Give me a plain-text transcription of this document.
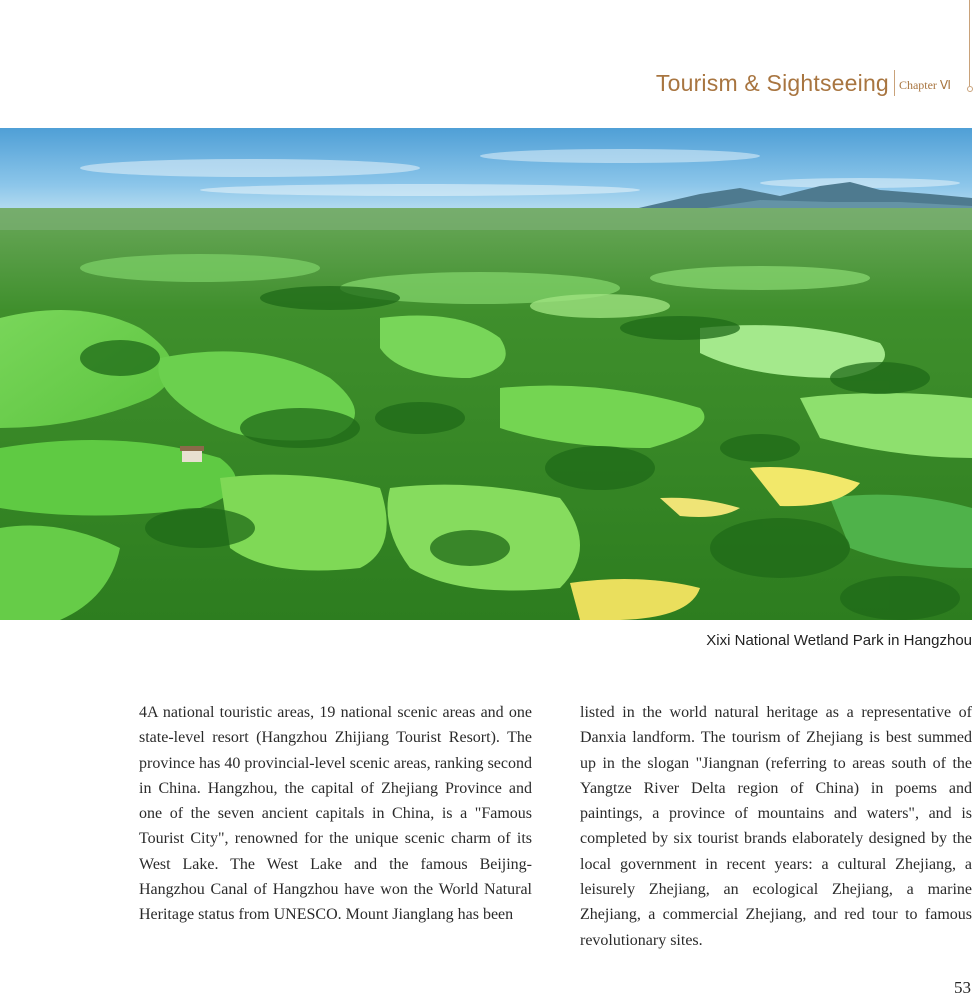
Tourism & Sightseeing Chapter Ⅵ
Xixi National Wetland Park in Hangzhou
4A national touristic areas, 19 national scenic areas and one state-level resort (Hangzhou Zhijiang Tourist Resort). The province has 40 provincial-level scenic areas, ranking second in China. Hangzhou, the capital of Zhejiang Province and one of the seven ancient capitals in China, is a "Famous Tourist City", renowned for the unique scenic charm of its West Lake. The West Lake and the famous Beijing-Hangzhou Canal of Hangzhou have won the World Natural Heritage status from UNESCO. Mount Jianglang has been
listed in the world natural heritage as a representative of Danxia landform. The tourism of Zhejiang is best summed up in the slogan "Jiangnan (referring to areas south of the Yangtze River Delta region of China) in poems and paintings, a province of mountains and waters", and is completed by six tourist brands elaborately designed by the local government in recent years: a cultural Zhejiang, a leisurely Zhejiang, an ecological Zhejiang, a marine Zhejiang, a commercial Zhejiang, and red tour to famous revolutionary sites.
53
